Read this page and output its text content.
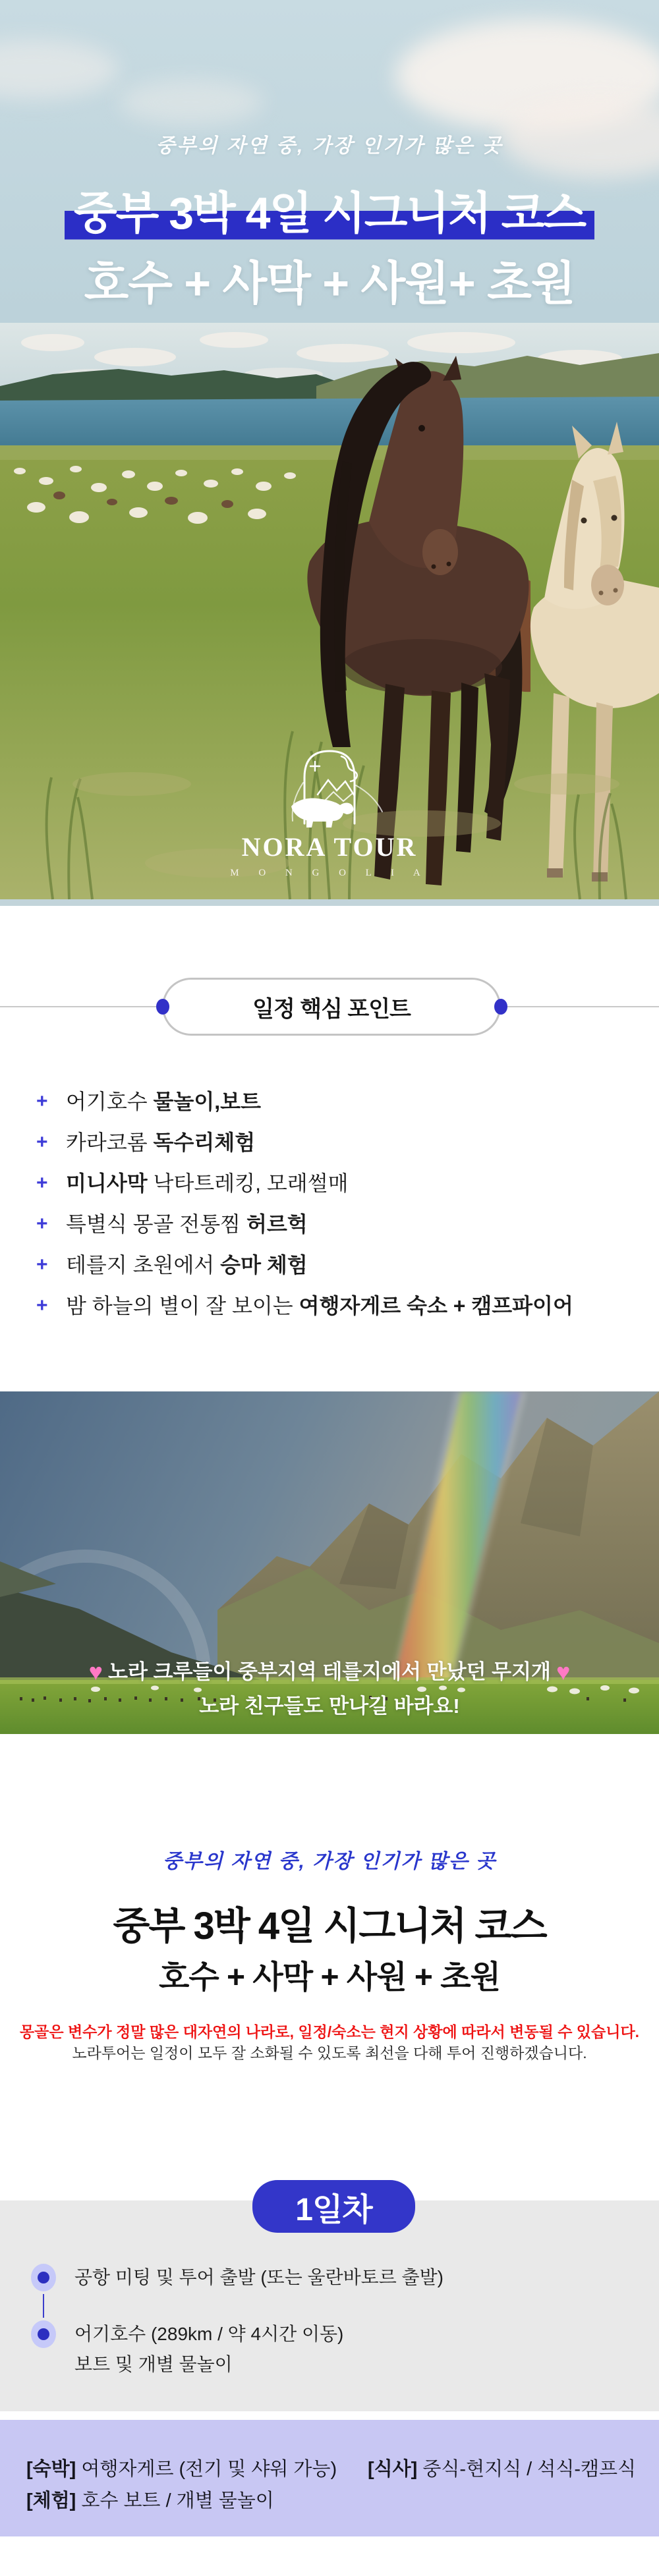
중부의 자연 중, 가장 인기가 많은 곳
중부 3박 4일 시그니처 코스
호수 + 사막 + 사원+ 초원
NORA TOUR
M O N G O L I A
일정 핵심 포인트
+ 어기호수 물놀이,보트
+ 카라코롬 독수리체험
+ 미니사막 낙타트레킹, 모래썰매
+ 특별식 몽골 전통찜 허르헉
+ 테를지 초원에서 승마 체험
+ 밤 하늘의 별이 잘 보이는 여행자게르 숙소 + 캠프파이어
♥ 노라 크루들이 중부지역 테를지에서 만났던 무지개 ♥
노라 친구들도 만나길 바라요!
중부의 자연 중, 가장 인기가 많은 곳
중부 3박 4일 시그니처 코스
호수 + 사막 + 사원 + 초원
몽골은 변수가 정말 많은 대자연의 나라로, 일정/숙소는 현지 상황에 따라서 변동될 수 있습니다.
노라투어는 일정이 모두 잘 소화될 수 있도록 최선을 다해 투어 진행하겠습니다.
1일차
공항 미팅 및 투어 출발 (또는 울란바토르 출발)
어기호수 (289km / 약 4시간 이동)
보트 및 개별 물놀이
[숙박] 여행자게르 (전기 및 샤워 가능) [식사] 중식-현지식 / 석식-캠프식
[체험] 호수 보트 / 개별 물놀이
